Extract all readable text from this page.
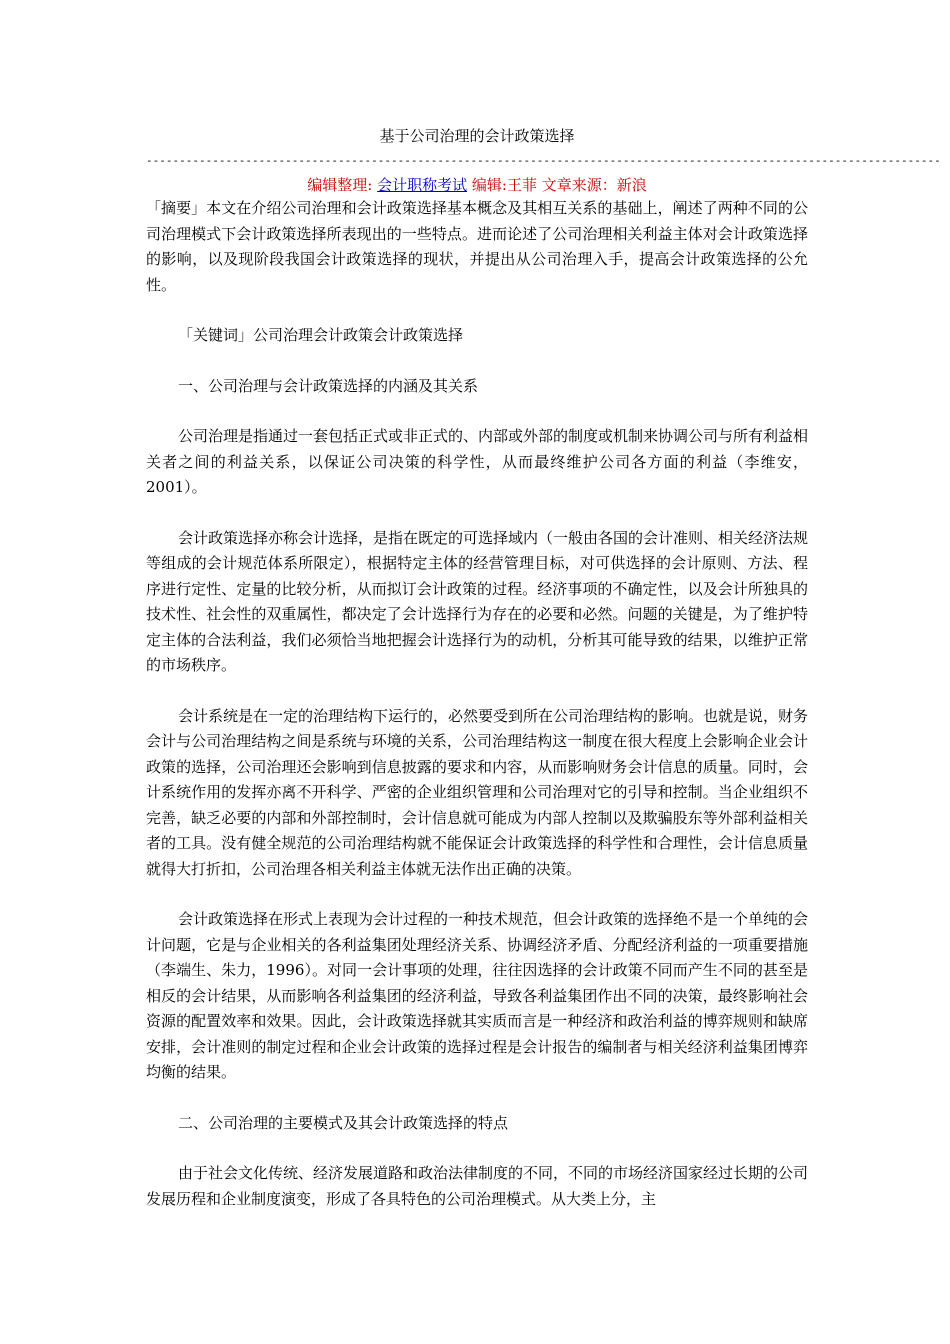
基于公司治理的会计政策选择
------------------------------------------------------------------------------------------------------------------------
编辑整理: 会计职称考试 编辑:王菲 文章来源：新浪

「摘要」本文在介绍公司治理和会计政策选择基本概念及其相互关系的基础上，阐述了两种不同的公司治理模式下会计政策选择所表现出的一些特点。进而论述了公司治理相关利益主体对会计政策选择的影响，以及现阶段我国会计政策选择的现状，并提出从公司治理入手，提高会计政策选择的公允性。

「关键词」公司治理会计政策会计政策选择

一、公司治理与会计政策选择的内涵及其关系

公司治理是指通过一套包括正式或非正式的、内部或外部的制度或机制来协调公司与所有利益相关者之间的利益关系，以保证公司决策的科学性，从而最终维护公司各方面的利益（李维安，2001）。

会计政策选择亦称会计选择，是指在既定的可选择域内（一般由各国的会计准则、相关经济法规等组成的会计规范体系所限定），根据特定主体的经营管理目标，对可供选择的会计原则、方法、程序进行定性、定量的比较分析，从而拟订会计政策的过程。经济事项的不确定性，以及会计所独具的技术性、社会性的双重属性，都决定了会计选择行为存在的必要和必然。问题的关键是，为了维护特定主体的合法利益，我们必须恰当地把握会计选择行为的动机，分析其可能导致的结果，以维护正常的市场秩序。

会计系统是在一定的治理结构下运行的，必然要受到所在公司治理结构的影响。也就是说，财务会计与公司治理结构之间是系统与环境的关系，公司治理结构这一制度在很大程度上会影响企业会计政策的选择，公司治理还会影响到信息披露的要求和内容，从而影响财务会计信息的质量。同时，会计系统作用的发挥亦离不开科学、严密的企业组织管理和公司治理对它的引导和控制。当企业组织不完善，缺乏必要的内部和外部控制时，会计信息就可能成为内部人控制以及欺骗股东等外部利益相关者的工具。没有健全规范的公司治理结构就不能保证会计政策选择的科学性和合理性，会计信息质量就得大打折扣，公司治理各相关利益主体就无法作出正确的决策。

会计政策选择在形式上表现为会计过程的一种技术规范，但会计政策的选择绝不是一个单纯的会计问题，它是与企业相关的各利益集团处理经济关系、协调经济矛盾、分配经济利益的一项重要措施（李端生、朱力，1996）。对同一会计事项的处理，往往因选择的会计政策不同而产生不同的甚至是相反的会计结果，从而影响各利益集团的经济利益，导致各利益集团作出不同的决策，最终影响社会资源的配置效率和效果。因此，会计政策选择就其实质而言是一种经济和政治利益的博弈规则和缺席安排，会计准则的制定过程和企业会计政策的选择过程是会计报告的编制者与相关经济利益集团博弈均衡的结果。

二、公司治理的主要模式及其会计政策选择的特点

由于社会文化传统、经济发展道路和政治法律制度的不同，不同的市场经济国家经过长期的公司发展历程和企业制度演变，形成了各具特色的公司治理模式。从大类上分，主
